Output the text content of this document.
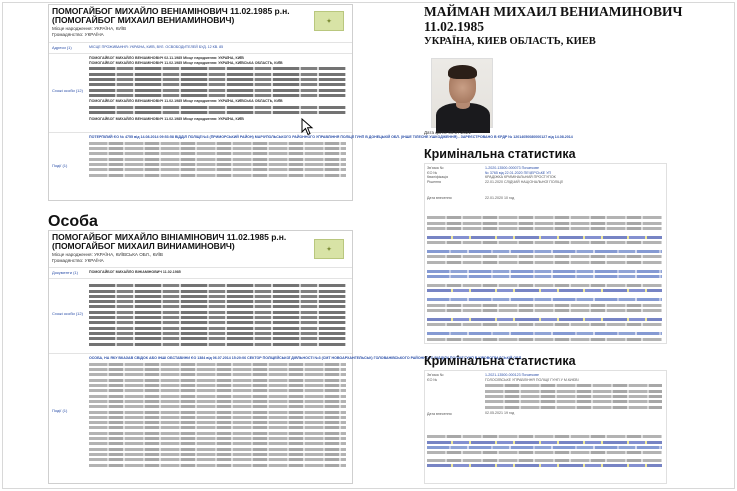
ПОМОГАЙБОГ МИХАЙЛО ВЕНІАМІНОВИЧ 11.02.1985 р.н.
(ПОМОГАЙБОГ МИХАИЛ ВЕНИАМИНОВИЧ)
Місце народження: УКРАЇНА, КИЇВ
Громадянство: УКРАЇНА
✦
Адреси (1)	МІСЦЕ ПРОЖИВАННЯ: УКРАЇНА, КИЇВ, ВУЛ. ОСВОБОДИТЕЛЕЙ БУД. 12 КВ. 85
Схожі особи (12)
ПОМОГАЙБОГ МИХАЙЛО ВЕНІАМІНОВИЧ 02.11.1985 Місце народження: УКРАЇНА, КИЇВ
ПОМОГАЙБОГ МИХАЙЛО ВЕНІАМІНОВИЧ 11.02.1985 Місце народження: УКРАЇНА, КИЇВСЬКА ОБЛАСТЬ, КИЇВ
ПОМОГАЙБОГ МИХАЙЛО ВЕНІАМІНОВИЧ 11.02.1985 Місце народження: УКРАЇНА, КИЇВСЬКА ОБЛАСТЬ, КИЇВ
ПОМОГАЙБОГ МИХАЙЛО ВЕНІАМІНОВИЧ 11.02.1985 Місце народження: УКРАЇНА, КИЇВ
Події (1)
ПОТЕРПІЛИЙ ЄО № 4755 від 14.08.2014 09:53:58 ВІДДІЛ ПОЛІЦІЇ №3 (ПРИМОРСЬКИЙ РАЙОН) МАРІУПОЛЬСЬКОГО РАЙОННОГО УПРАВЛІННЯ ПОЛІЦІЇ ГУНП В ДОНЕЦЬКІЙ ОБЛ. (ІНШЕ ТІЛЕСНЕ УШКОДЖЕННЯ) - ЗАРЕЄСТРОВАНО В ЄРДР № 12014050080000127 від 14.08.2014
Особа
ПОМОГАЙБОГ МИХАЙЛО ВІНІАМІНОВИЧ 11.02.1985 р.н.
(ПОМОГАЙБОГ МИХАИЛ ВИНИАМИНОВИЧ)
Місце народження: УКРАЇНА, КИЇВСЬКА ОБЛ., КИЇВ
Громадянство: УКРАЇНА
✦
Документи (1)	ПОМОГАЙБОГ МИХАЙЛО ВІНІАМІНОВИЧ 11.02.1985
Схожі особи (12)
Події (1)
ОСОБА, НА ЯКУ ВКАЗАВ СВІДОК АБО ІНШІ ОБСТАВИНИ ЄО 1384 від 06.07.2014 15:20:06 СЕКТОР ПОЛІЦЕЙСЬКОЇ ДІЯЛЬНОСТІ №3 (СМТ НОВОАРХАНГЕЛЬСЬК) ГОЛОВАНІВСЬКОГО РАЙОННОГО ВІДДІЛУ ПОЛІЦІЇ ГУНП В КІРОВОГРАДСЬКІЙ ОБЛ.
МАЙМАН МИХАИЛ ВЕНИАМИНОВИЧ
11.02.1985
УКРАЇНА, КИЕВ ОБЛАСТЬ, КИЕВ
Дата фото: 09.07.2021
Кримінальна статистика
Зв'язок №
ЄО №
Кваліфікація
Рішення
Дата внесення
1-2020-13500-000073 Початкове
№ 3765 від 22.01.2020 ПЕЧЕРСЬКЕ УП
КРАДІЖКА КРИМІНАЛЬНИЙ ПРОСТУПОК
22.01.2020 СЛІДЧИЙ НАЦІОНАЛЬНОЇ ПОЛІЦІЇ
22.01.2020 10 год
Кримінальна статистика
Зв'язок №
ЄО №
Дата внесення
1-2021-13500-000123 Початкове
ГОЛОСІЇВСЬКЕ УПРАВЛІННЯ ПОЛІЦІЇ ГУНП У М.КИЄВІ
02.05.2021 19 год
